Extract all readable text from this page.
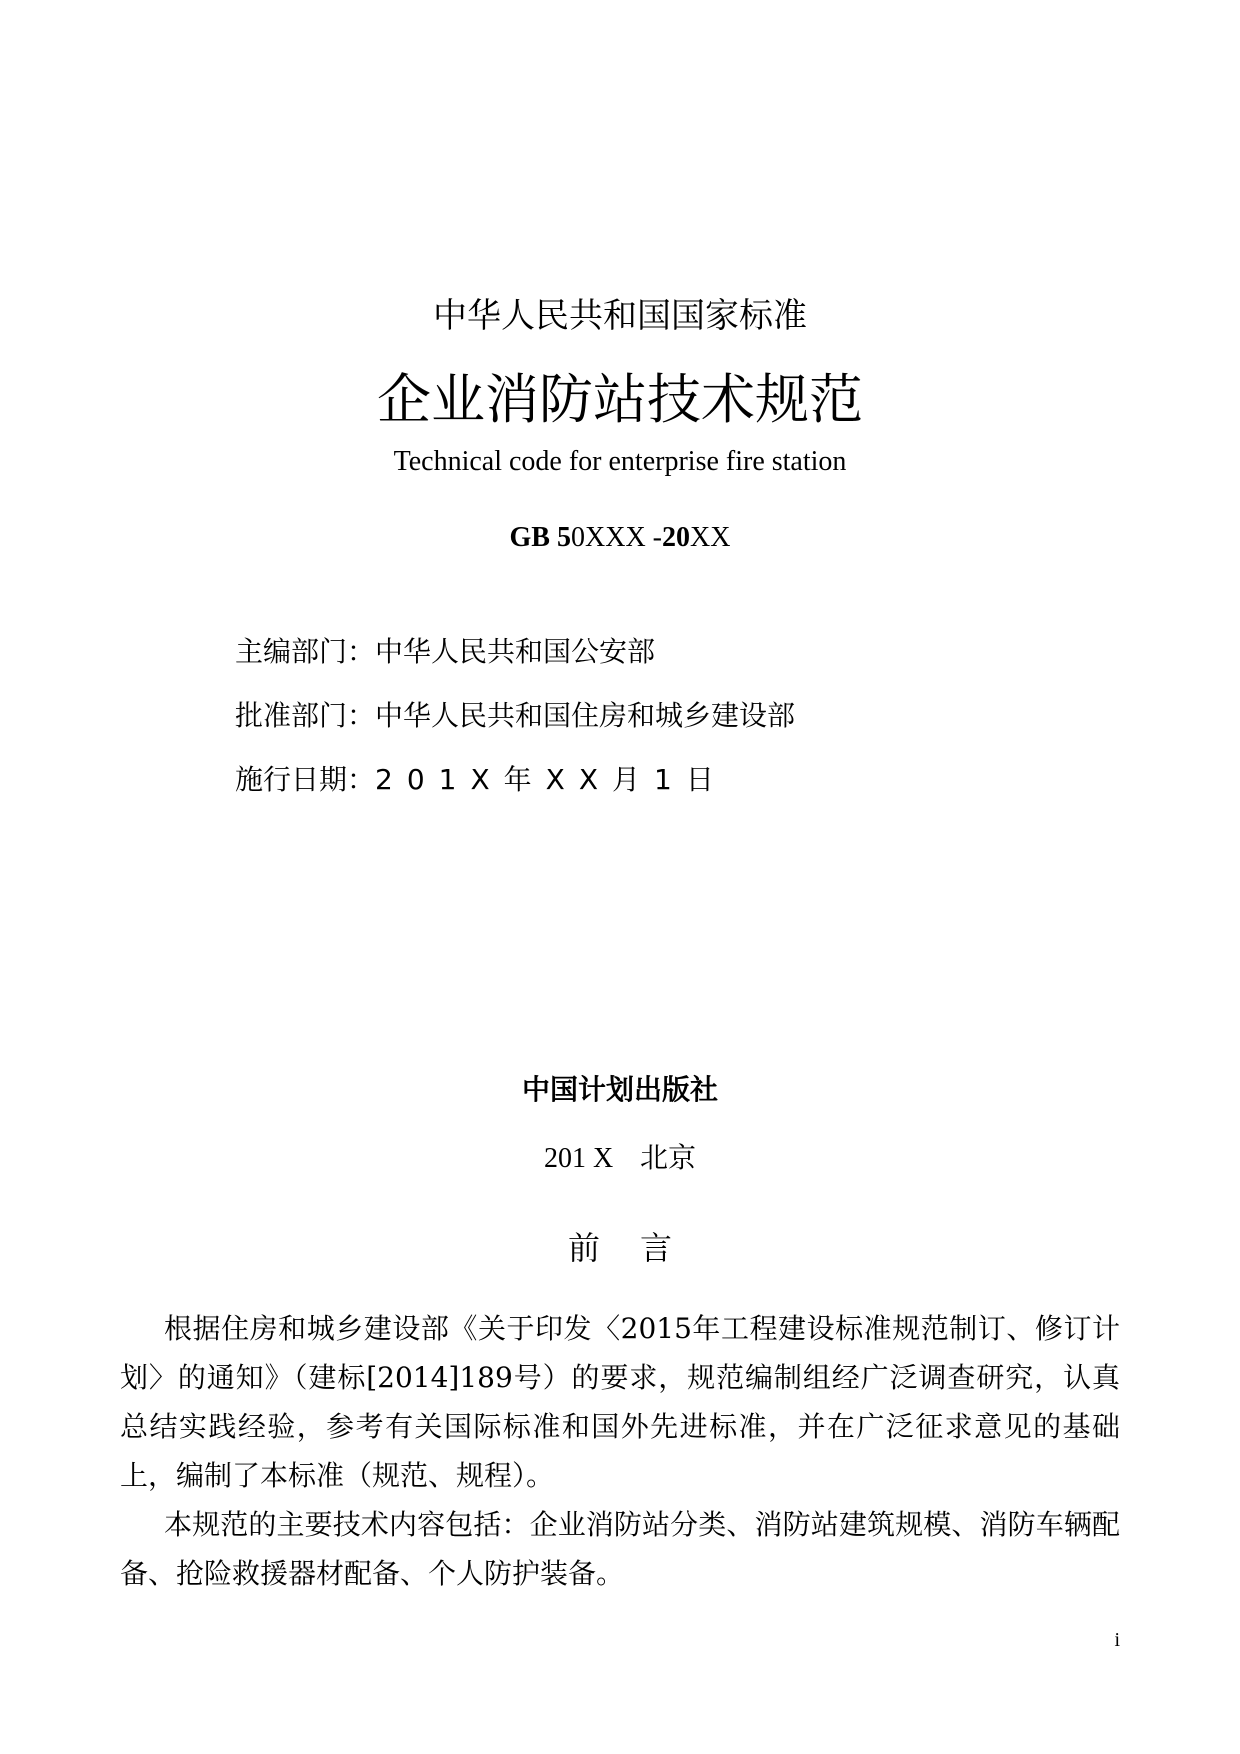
中华人民共和国国家标准
企业消防站技术规范
Technical code for enterprise fire station
GB 50XXX -20XX
主编部门：中华人民共和国公安部
批准部门：中华人民共和国住房和城乡建设部
施行日期：201X年XX月1日
中国计划出版社
201 X 北京
前言

根据住房和城乡建设部《关于印发〈2015年工程建设标准规范制订、修订计划〉的通知》（建标[2014]189号）的要求，规范编制组经广泛调查研究，认真总结实践经验，参考有关国际标准和国外先进标准，并在广泛征求意见的基础上，编制了本标准（规范、规程）。

本规范的主要技术内容包括：企业消防站分类、消防站建筑规模、消防车辆配备、抢险救援器材配备、个人防护装备。

i
